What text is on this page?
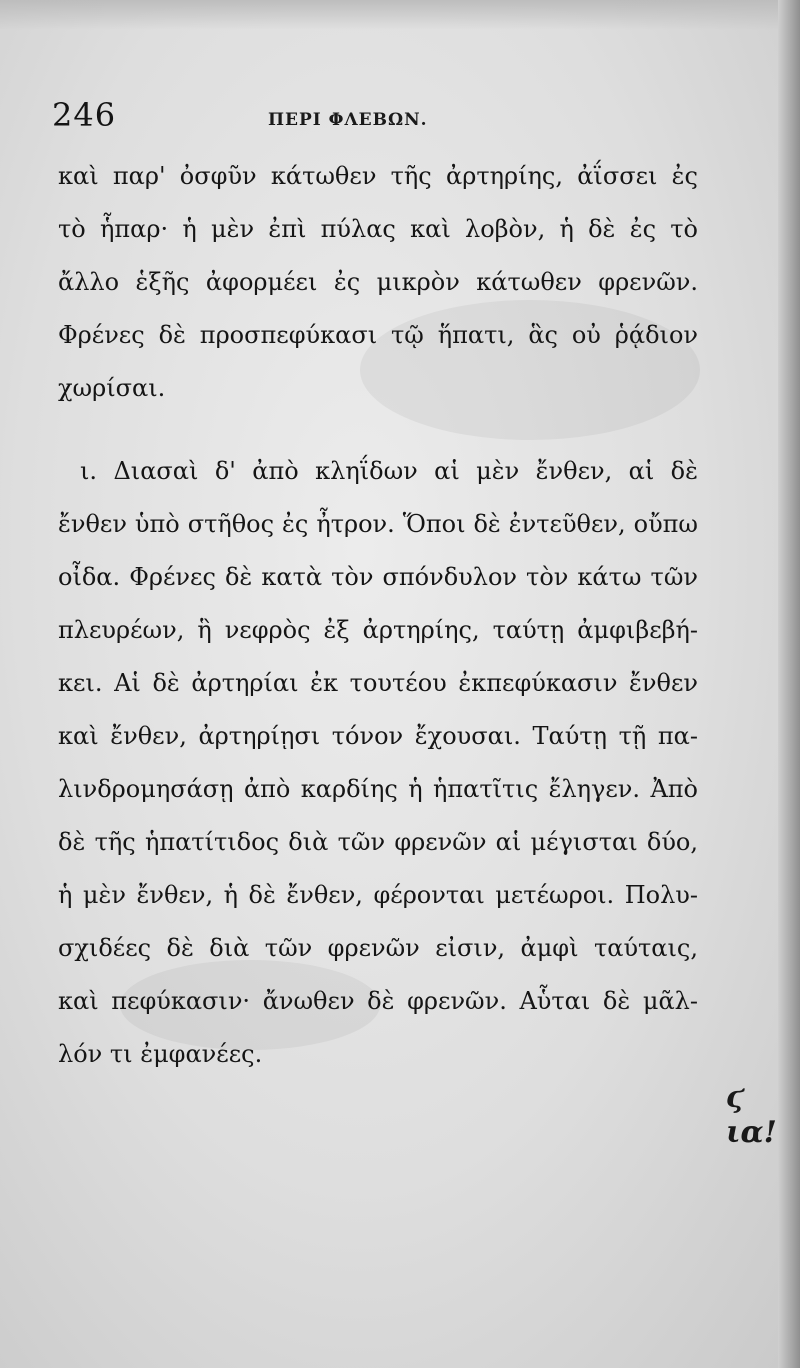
246	ΠΕΡΙ ΦΛΕΒΩΝ.
καὶ παρ' ὀσφῦν κάτωθεν τῆς ἀρτηρίης, ἀΐσσει ἐς
τὸ ἧπαρ· ἡ μὲν ἐπὶ πύλας καὶ λοβὸν, ἡ δὲ ἐς τὸ
ἄλλο ἑξῆς ἀφορμέει ἐς μικρὸν κάτωθεν φρενῶν.
Φρένες δὲ προσπεφύκασι τῷ ἥπατι, ἃς οὐ ῥᾴδιον
χωρίσαι.
ι. Διασαὶ δ' ἀπὸ κληΐδων αἱ μὲν ἔνθεν, αἱ δὲ
ἔνθεν ὑπὸ στῆθος ἐς ἦτρον. Ὅποι δὲ ἐντεῦθεν, οὔπω
οἶδα. Φρένες δὲ κατὰ τὸν σπόνδυλον τὸν κάτω τῶν
πλευρέων, ἣ νεφρὸς ἐξ ἀρτηρίης, ταύτῃ ἀμφιβεβή-
κει. Αἱ δὲ ἀρτηρίαι ἐκ τουτέου ἐκπεφύκασιν ἔνθεν
καὶ ἔνθεν, ἀρτηρίῃσι τόνον ἔχουσαι. Ταύτῃ τῇ πα-
λινδρομησάσῃ ἀπὸ καρδίης ἡ ἡπατῖτις ἔληγεν. Ἀπὸ
δὲ τῆς ἡπατίτιδος διὰ τῶν φρενῶν αἱ μέγισται δύο,
ἡ μὲν ἔνθεν, ἡ δὲ ἔνθεν, φέρονται μετέωροι. Πολυ-
σχιδέες δὲ διὰ τῶν φρενῶν εἰσιν, ἀμφὶ ταύταις,
καὶ πεφύκασιν· ἄνωθεν δὲ φρενῶν. Αὗται δὲ μᾶλ-
λόν τι ἐμφανέες.
ϛ ια!
